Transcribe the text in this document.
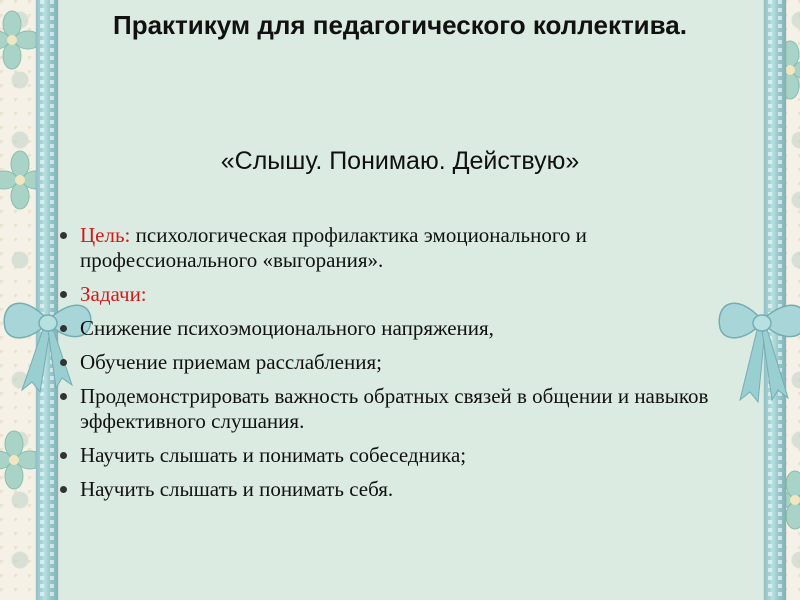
Практикум для педагогического коллектива.
«Слышу. Понимаю. Действую»
Цель: психологическая профилактика эмоционального и профессионального «выгорания».
Задачи:
Снижение психоэмоционального напряжения,
Обучение приемам расслабления;
Продемонстрировать важность обратных связей в общении и навыков эффективного слушания.
Научить слышать и понимать собеседника;
Научить слышать и понимать себя.
